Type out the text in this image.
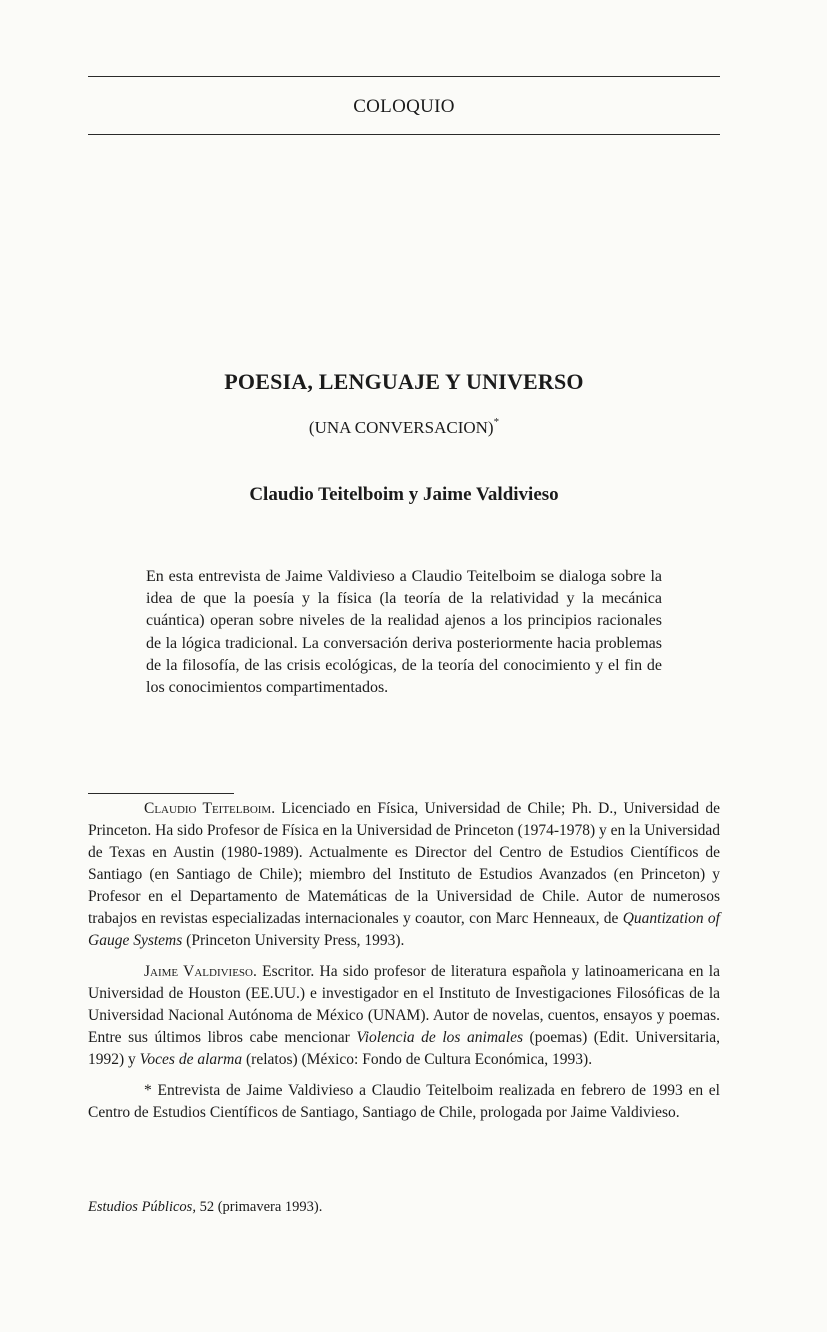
COLOQUIO
POESIA, LENGUAJE Y UNIVERSO
(UNA CONVERSACION)*
Claudio Teitelboim y Jaime Valdivieso

En esta entrevista de Jaime Valdivieso a Claudio Teitelboim se dialoga sobre la idea de que la poesía y la física (la teoría de la relatividad y la mecánica cuántica) operan sobre niveles de la realidad ajenos a los principios racionales de la lógica tradicional. La conversación deriva posteriormente hacia problemas de la filosofía, de las crisis ecológicas, de la teoría del conocimiento y el fin de los conocimientos compartimentados.

Claudio Teitelboim. Licenciado en Física, Universidad de Chile; Ph. D., Universidad de Princeton. Ha sido Profesor de Física en la Universidad de Princeton (1974-1978) y en la Universidad de Texas en Austin (1980-1989). Actualmente es Director del Centro de Estudios Científicos de Santiago (en Santiago de Chile); miembro del Instituto de Estudios Avanzados (en Princeton) y Profesor en el Departamento de Matemáticas de la Universidad de Chile. Autor de numerosos trabajos en revistas especializadas internacionales y coautor, con Marc Henneaux, de Quantization of Gauge Systems (Princeton University Press, 1993).

Jaime Valdivieso. Escritor. Ha sido profesor de literatura española y latinoamericana en la Universidad de Houston (EE.UU.) e investigador en el Instituto de Investigaciones Filosóficas de la Universidad Nacional Autónoma de México (UNAM). Autor de novelas, cuentos, ensayos y poemas. Entre sus últimos libros cabe mencionar Violencia de los animales (poemas) (Edit. Universitaria, 1992) y Voces de alarma (relatos) (México: Fondo de Cultura Económica, 1993).

* Entrevista de Jaime Valdivieso a Claudio Teitelboim realizada en febrero de 1993 en el Centro de Estudios Científicos de Santiago, Santiago de Chile, prologada por Jaime Valdivieso.

Estudios Públicos, 52 (primavera 1993).
